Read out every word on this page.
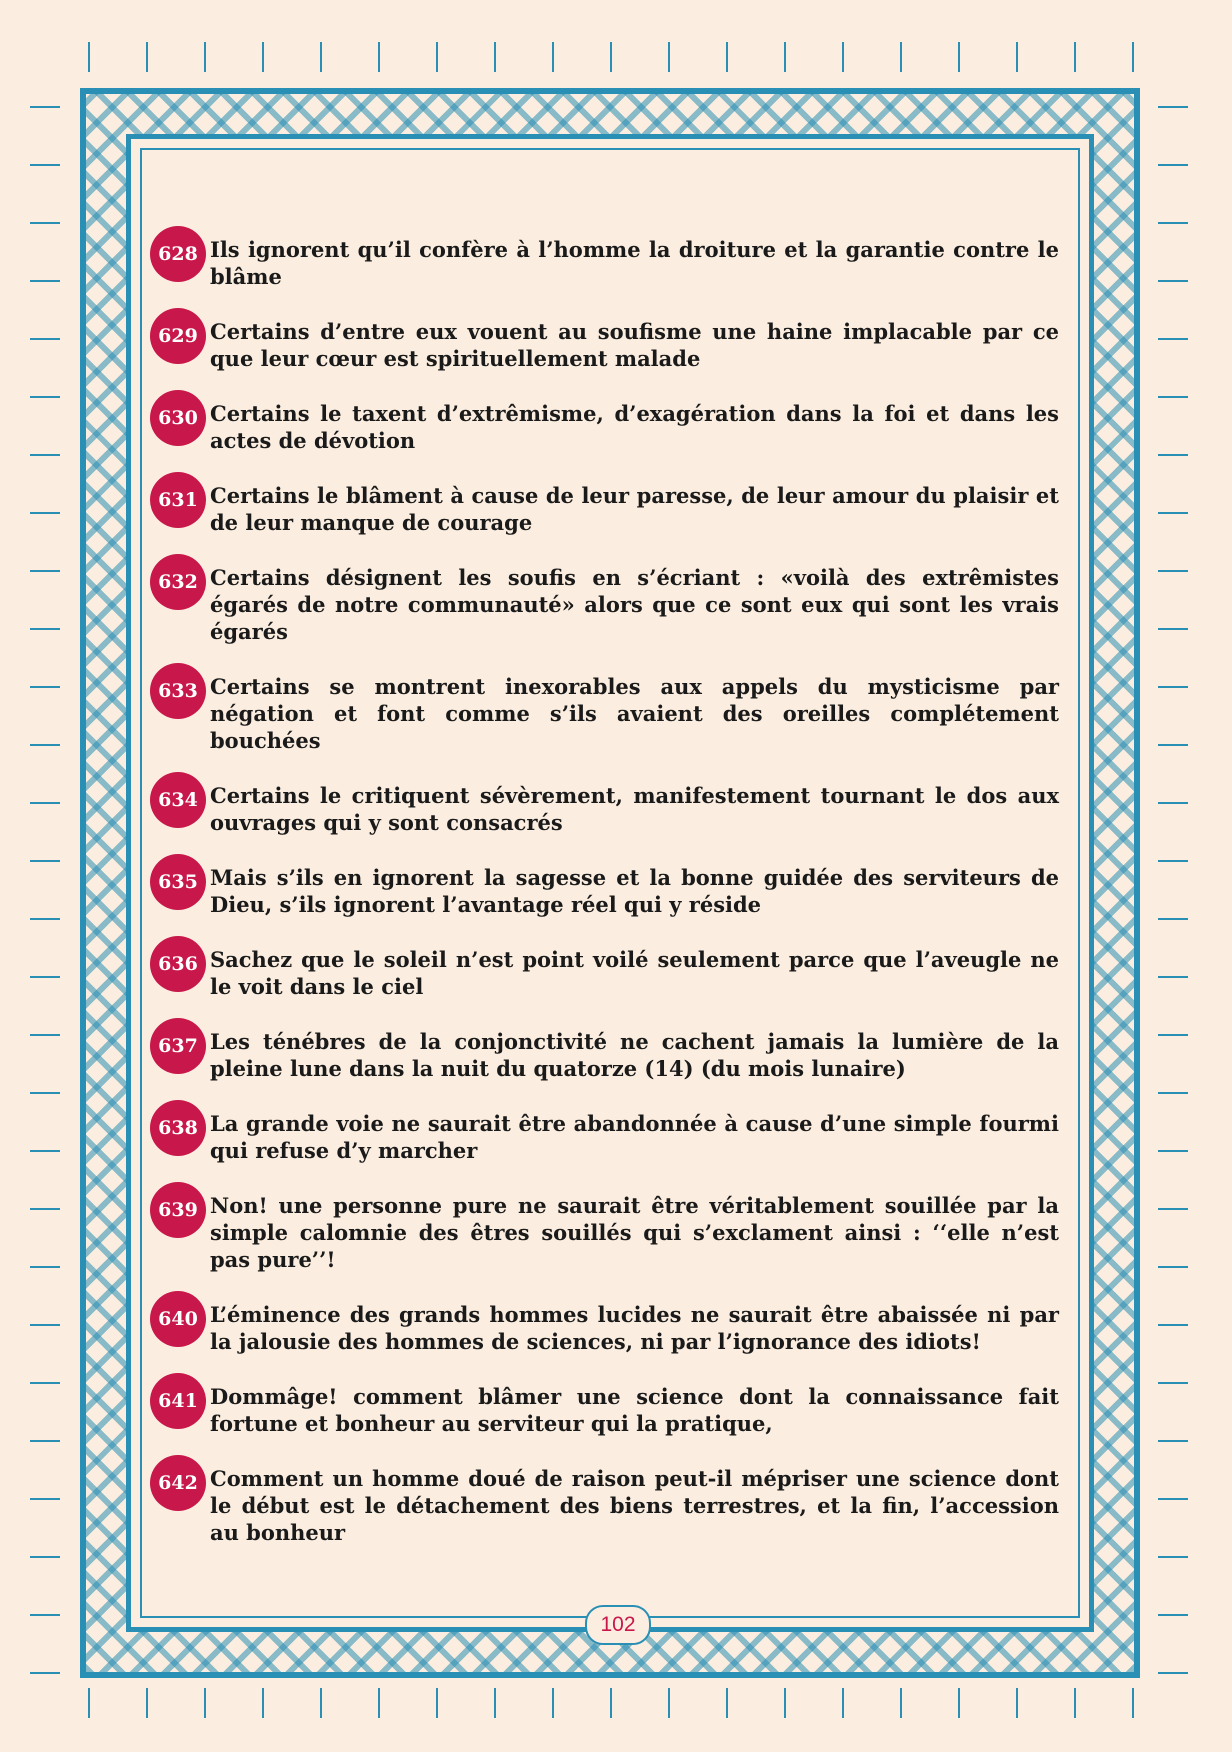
628 Ils ignorent qu’il confère à l’homme la droiture et la garantie contre le blâme
629 Certains d’entre eux vouent au soufisme une haine implacable par ce que leur cœur est spirituellement malade
630 Certains le taxent d’extrêmisme, d’exagération dans la foi et dans les actes de dévotion
631 Certains le blâment à cause de leur paresse, de leur amour du plaisir et de leur manque de courage
632 Certains désignent les soufis en s’écriant : «voilà des extrêmistes égarés de notre communauté» alors que ce sont eux qui sont les vrais égarés
633 Certains se montrent inexorables aux appels du mysticisme par négation et font comme s’ils avaient des oreilles complétement bouchées
634 Certains le critiquent sévèrement, manifestement tournant le dos aux ouvrages qui y sont consacrés
635 Mais s’ils en ignorent la sagesse et la bonne guidée des serviteurs de Dieu, s’ils ignorent l’avantage réel qui y réside
636 Sachez que le soleil n’est point voilé seulement parce que l’aveugle ne le voit dans le ciel
637 Les ténébres de la conjonctivité ne cachent jamais la lumière de la pleine lune dans la nuit du quatorze (14) (du mois lunaire)
638 La grande voie ne saurait être abandonnée à cause d’une simple fourmi qui refuse d’y marcher
639 Non! une personne pure ne saurait être véritablement souillée par la simple calomnie des êtres souillés qui s’exclament ainsi : ‘‘elle n’est pas pure’’!
640 L’éminence des grands hommes lucides ne saurait être abaissée ni par la jalousie des hommes de sciences, ni par l’ignorance des idiots!
641 Dommâge! comment blâmer une science dont la connaissance fait fortune et bonheur au serviteur qui la pratique,
642 Comment un homme doué de raison peut-il mépriser une science dont le début est le détachement des biens terrestres, et la fin, l’accession au bonheur
102
